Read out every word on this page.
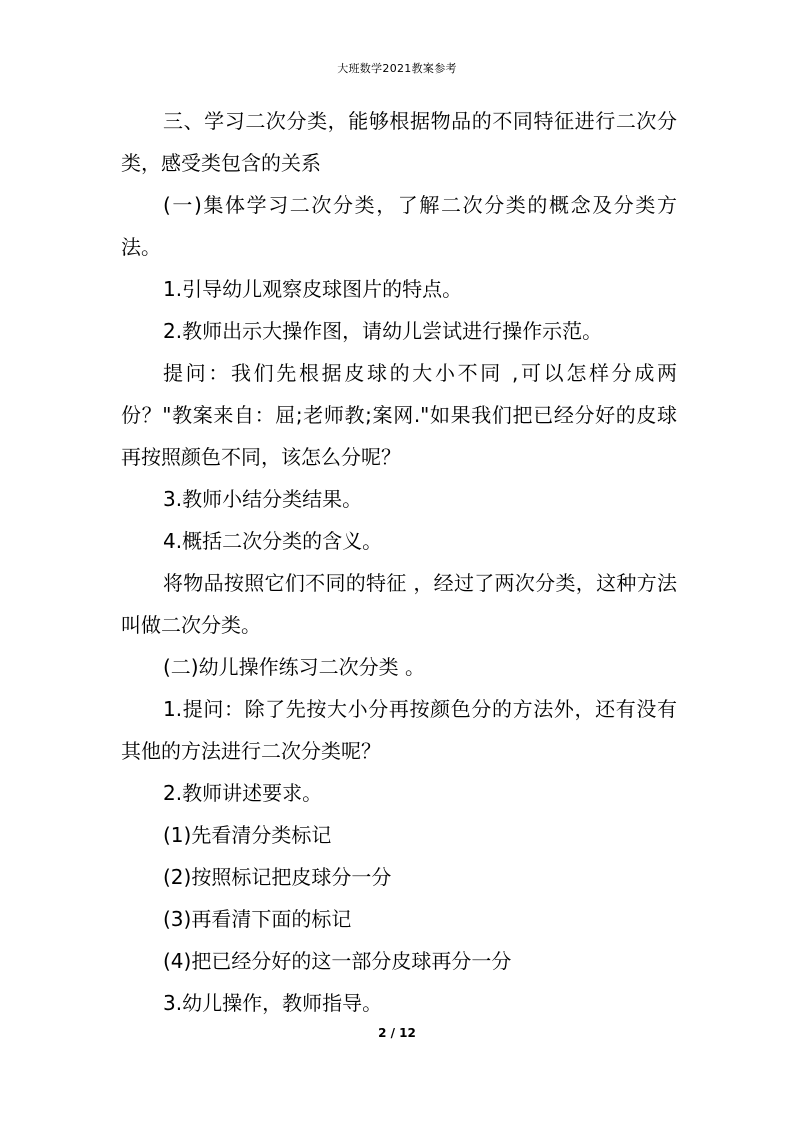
大班数学2021教案参考

三、学习二次分类，能够根据物品的不同特征进行二次分类，感受类包含的关系

(一)集体学习二次分类，了解二次分类的概念及分类方法。

1.引导幼儿观察皮球图片的特点。

2.教师出示大操作图，请幼儿尝试进行操作示范。

提问：我们先根据皮球的大小不同 ,可以怎样分成两份？"教案来自：屈;老师教;案网."如果我们把已经分好的皮球再按照颜色不同，该怎么分呢？

3.教师小结分类结果。

4.概括二次分类的含义。

将物品按照它们不同的特征 ，经过了两次分类，这种方法叫做二次分类。

(二)幼儿操作练习二次分类 。

1.提问：除了先按大小分再按颜色分的方法外，还有没有其他的方法进行二次分类呢？

2.教师讲述要求。

(1)先看清分类标记

(2)按照标记把皮球分一分

(3)再看清下面的标记

(4)把已经分好的这一部分皮球再分一分

3.幼儿操作，教师指导。

2 / 12
